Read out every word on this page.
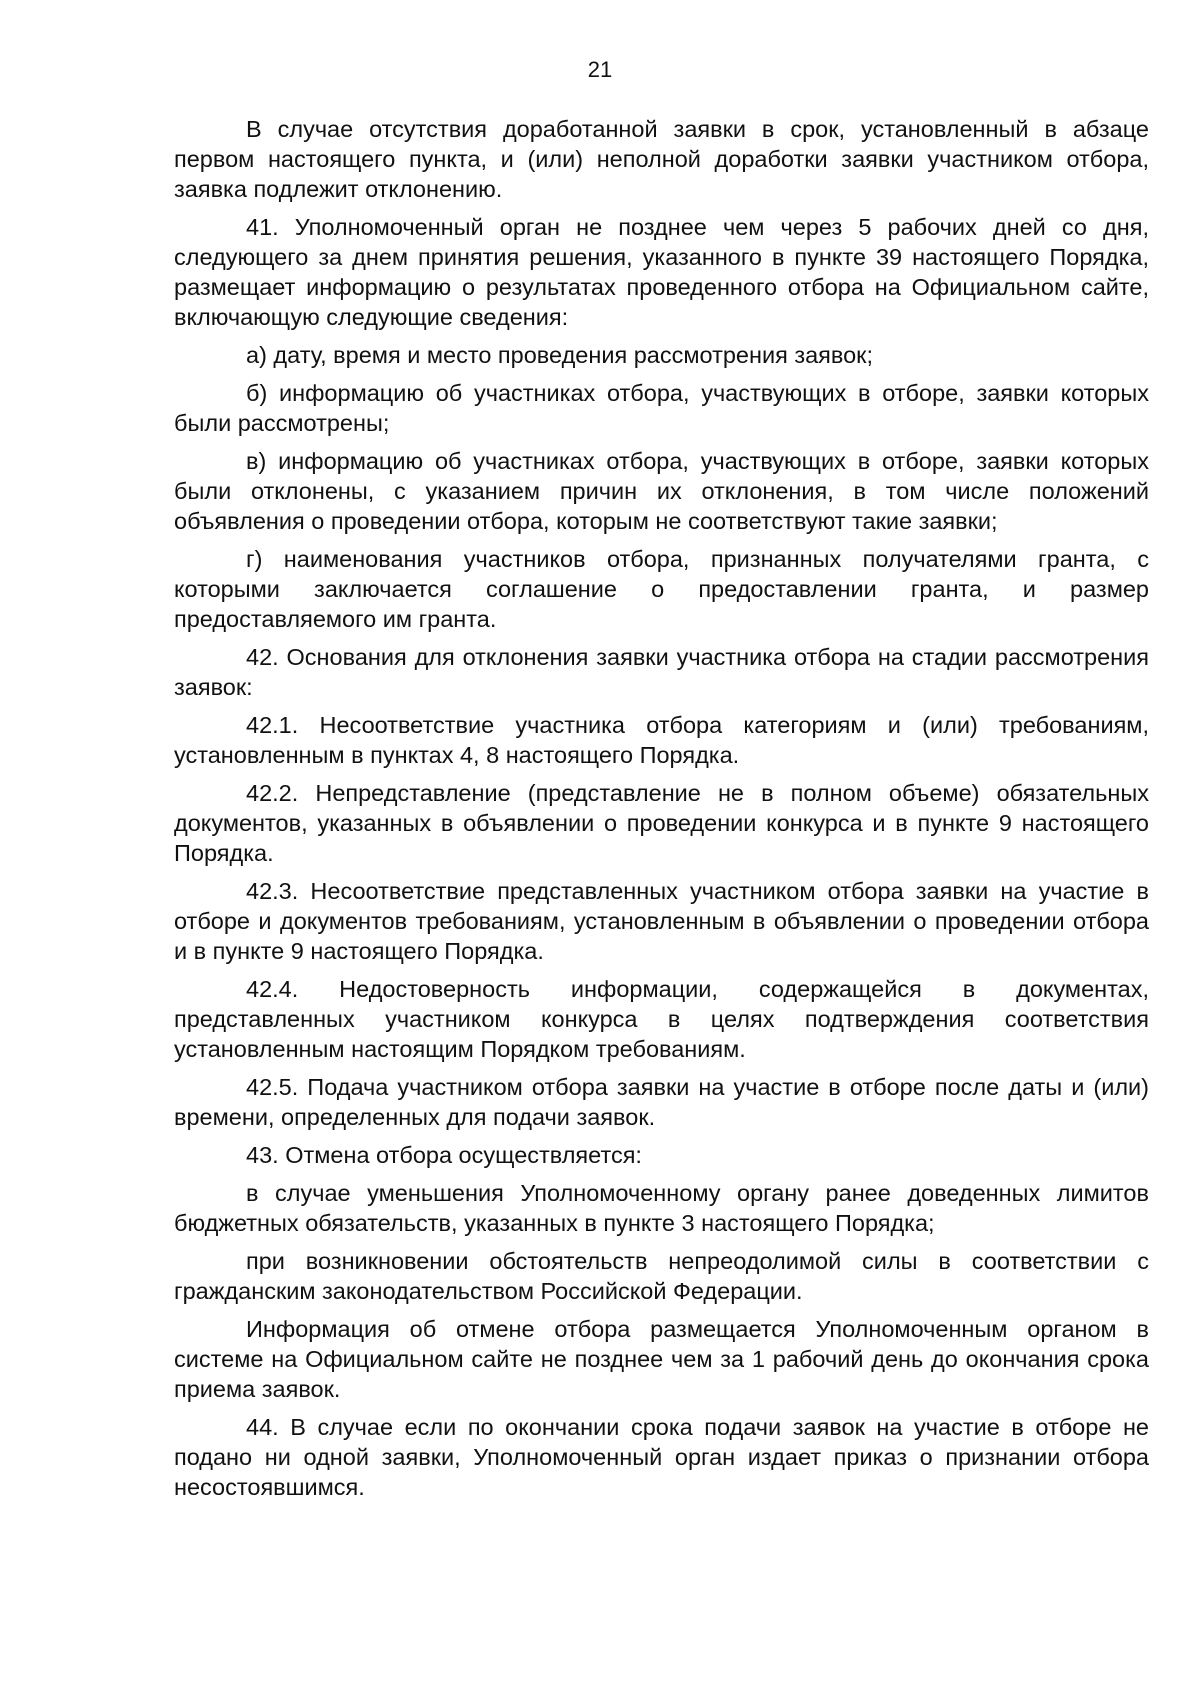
21

В случае отсутствия доработанной заявки в срок, установленный в абзаце первом настоящего пункта, и (или) неполной доработки заявки участником отбора, заявка подлежит отклонению.

41. Уполномоченный орган не позднее чем через 5 рабочих дней со дня, следующего за днем принятия решения, указанного в пункте 39 настоящего Порядка, размещает информацию о результатах проведенного отбора на Официальном сайте, включающую следующие сведения:

а) дату, время и место проведения рассмотрения заявок;

б) информацию об участниках отбора, участвующих в отборе, заявки которых были рассмотрены;

в) информацию об участниках отбора, участвующих в отборе, заявки которых были отклонены, с указанием причин их отклонения, в том числе положений объявления о проведении отбора, которым не соответствуют такие заявки;

г) наименования участников отбора, признанных получателями гранта, с которыми заключается соглашение о предоставлении гранта, и размер предоставляемого им гранта.

42. Основания для отклонения заявки участника отбора на стадии рассмотрения заявок:

42.1. Несоответствие участника отбора категориям и (или) требованиям, установленным в пунктах 4, 8 настоящего Порядка.

42.2. Непредставление (представление не в полном объеме) обязательных документов, указанных в объявлении о проведении конкурса и в пункте 9 настоящего Порядка.

42.3. Несоответствие представленных участником отбора заявки на участие в отборе и документов требованиям, установленным в объявлении о проведении отбора и в пункте 9 настоящего Порядка.

42.4. Недостоверность информации, содержащейся в документах, представленных участником конкурса в целях подтверждения соответствия установленным настоящим Порядком требованиям.

42.5. Подача участником отбора заявки на участие в отборе после даты и (или) времени, определенных для подачи заявок.

43. Отмена отбора осуществляется:

в случае уменьшения Уполномоченному органу ранее доведенных лимитов бюджетных обязательств, указанных в пункте 3 настоящего Порядка;

при возникновении обстоятельств непреодолимой силы в соответствии с гражданским законодательством Российской Федерации.

Информация об отмене отбора размещается Уполномоченным органом в системе на Официальном сайте не позднее чем за 1 рабочий день до окончания срока приема заявок.

44. В случае если по окончании срока подачи заявок на участие в отборе не подано ни одной заявки, Уполномоченный орган издает приказ о признании отбора несостоявшимся.
